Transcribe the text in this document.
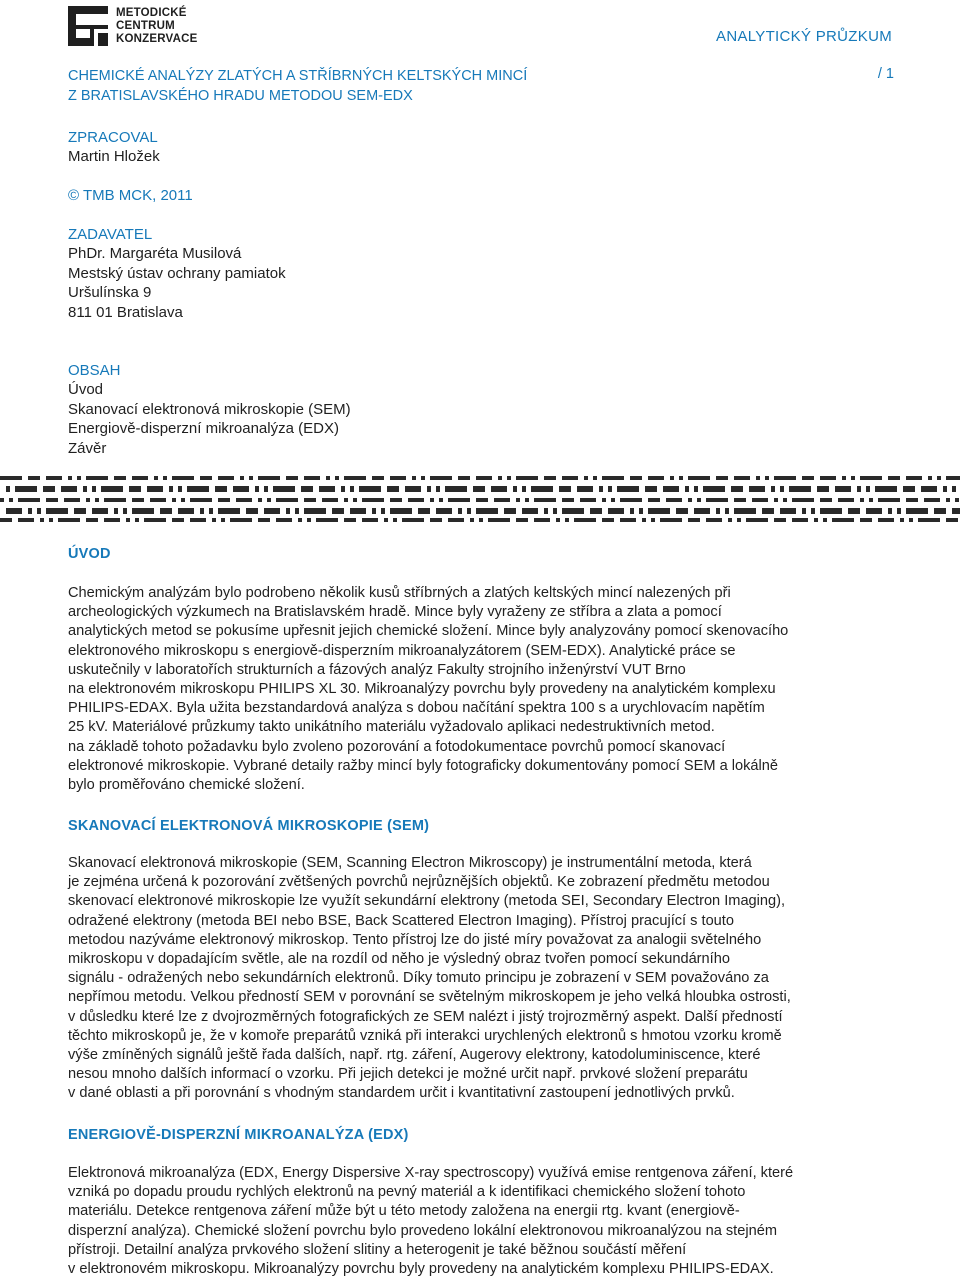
METODICKÉ
CENTRUM
KONZERVACE	ANALYTICKÝ PRŮZKUM
CHEMICKÉ ANALÝZY ZLATÝCH A STŘÍBRNÝCH KELTSKÝCH MINCÍ
Z BRATISLAVSKÉHO HRADU METODOU SEM-EDX
/ 1
ZPRACOVAL
Martin Hložek
© TMB MCK, 2011
ZADAVATEL
PhDr. Margaréta Musilová
Mestský ústav ochrany pamiatok
Uršulínska 9
811 01 Bratislava
OBSAH
Úvod
Skanovací elektronová mikroskopie (SEM)
Energiově-disperzní mikroanalýza (EDX)
Závěr
ÚVOD

Chemickým analýzám bylo podrobeno několik kusů stříbrných a zlatých keltských mincí nalezených při

archeologických výzkumech na Bratislavském hradě. Mince byly vyraženy ze stříbra a zlata a pomocí

analytických metod se pokusíme upřesnit jejich chemické složení. Mince byly analyzovány pomocí skenovacího

elektronového mikroskopu s energiově-disperzním mikroanalyzátorem (SEM-EDX). Analytické práce se

uskutečnily v laboratořích strukturních a fázových analýz Fakulty strojního inženýrství VUT Brno

na elektronovém mikroskopu PHILIPS XL 30. Mikroanalýzy povrchu byly provedeny na analytickém komplexu

PHILIPS-EDAX. Byla užita bezstandardová analýza s dobou načítání spektra 100 s a urychlovacím napětím

25 kV. Materiálové průzkumy takto unikátního materiálu vyžadovalo aplikaci nedestruktivních metod.

na základě tohoto požadavku bylo zvoleno pozorování a fotodokumentace povrchů pomocí skanovací

elektronové mikroskopie. Vybrané detaily ražby mincí byly fotograficky dokumentovány pomocí SEM a lokálně

bylo proměřováno chemické složení.

SKANOVACÍ ELEKTRONOVÁ MIKROSKOPIE (SEM)

Skanovací elektronová mikroskopie (SEM, Scanning Electron Mikroscopy) je instrumentální metoda, která

je zejména určená k pozorování zvětšených povrchů nejrůznějších objektů. Ke zobrazení předmětu metodou

skenovací elektronové mikroskopie lze využít sekundární elektrony (metoda SEI, Secondary Electron Imaging),

odražené elektrony (metoda BEI nebo BSE, Back Scattered Electron Imaging). Přístroj pracující s touto

metodou nazýváme elektronový mikroskop. Tento přístroj lze do jisté míry považovat za analogii světelného

mikroskopu v dopadajícím světle, ale na rozdíl od něho je výsledný obraz tvořen pomocí sekundárního

signálu - odražených nebo sekundárních elektronů. Díky tomuto principu je zobrazení v SEM považováno za

nepřímou metodu. Velkou předností SEM v porovnání se světelným mikroskopem je jeho velká hloubka ostrosti,

v důsledku které lze z dvojrozměrných fotografických ze SEM nalézt i jistý trojrozměrný aspekt. Další předností

těchto mikroskopů je, že v komoře preparátů vzniká při interakci urychlených elektronů s hmotou vzorku kromě

výše zmíněných signálů ještě řada dalších, např. rtg. záření, Augerovy elektrony, katodoluminiscence, které

nesou mnoho dalších informací o vzorku. Při jejich detekci je možné určit např. prvkové složení preparátu

v dané oblasti a při porovnání s vhodným standardem určit i kvantitativní zastoupení jednotlivých prvků.

ENERGIOVĚ-DISPERZNÍ MIKROANALÝZA (EDX)

Elektronová mikroanalýza (EDX, Energy Dispersive X-ray spectroscopy) využívá emise rentgenova záření, které

vzniká po dopadu proudu rychlých elektronů na pevný materiál a k identifikaci chemického složení tohoto

materiálu. Detekce rentgenova záření může být u této metody založena na energii rtg. kvant (energiově-

disperzní analýza). Chemické složení povrchu bylo provedeno lokální elektronovou mikroanalýzou na stejném

přístroji. Detailní analýza prvkového složení slitiny a heterogenit je také běžnou součástí měření

v elektronovém mikroskopu. Mikroanalýzy povrchu byly provedeny na analytickém komplexu PHILIPS-EDAX.
